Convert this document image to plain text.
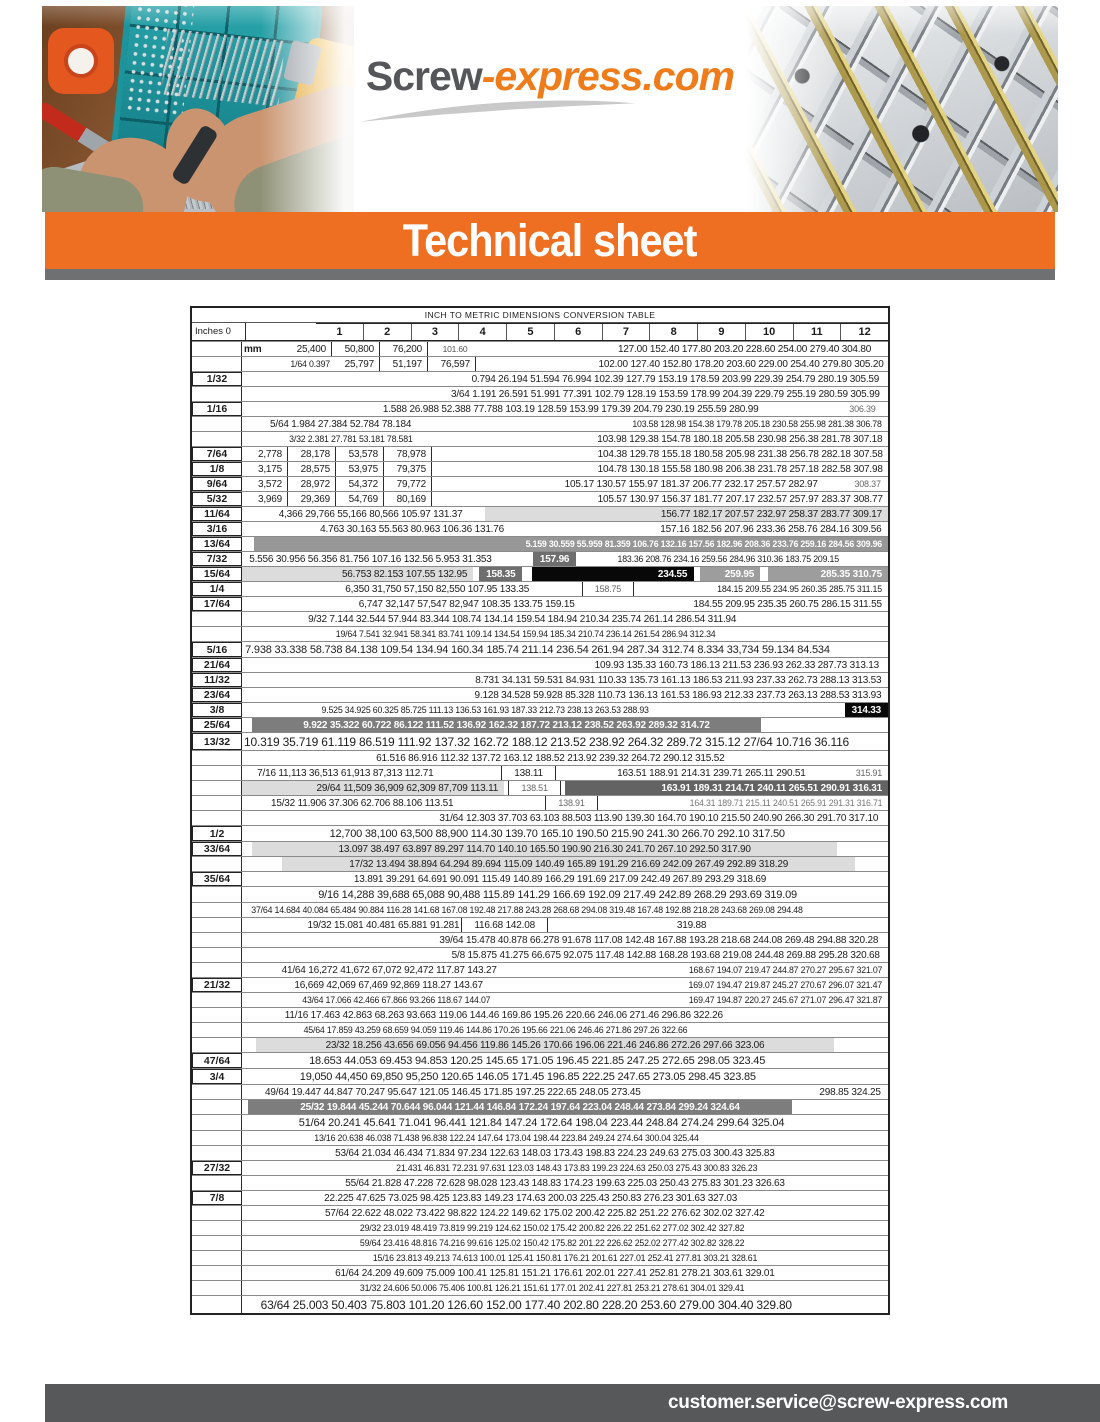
Screw-express.com
Technical sheet
INCH TO METRIC DIMENSIONS CONVERSION TABLE
Inches 0	1	2	3	4	5	6	7	8	9	10	11	12
mm	25,400	50,800	76,200	101.60	127.00 152.40 177.80 203.20 228.60 254.00 279.40 304.80
1/64 0.397	25,797	51,197	76,597	102.00 127.40 152.80 178.20 203.60 229.00 254.40 279.80 305.20
1/32	0.794 26.194 51.594 76.994 102.39 127.79 153.19 178.59 203.99 229.39 254.79 280.19 305.59
3/64 1.191 26.591 51.991 77.391 102.79 128.19 153.59 178.99 204.39 229.79 255.19 280.59 305.99
1/16	1.588 26.988 52.388 77.788 103.19 128.59 153.99 179.39 204.79 230.19 255.59 280.99	306.39
5/64 1.984 27.384 52.784 78.184	103.58 128.98 154.38 179.78 205.18 230.58 255.98 281.38 306.78
3/32 2.381 27.781 53.181 78.581	103.98 129.38 154.78 180.18 205.58 230.98 256.38 281.78 307.18
7/64	2,778	28,178	53,578	78,978	104.38 129.78 155.18 180.58 205.98 231.38 256.78 282.18 307.58
1/8	3,175	28,575	53,975	79,375	104.78 130.18 155.58 180.98 206.38 231.78 257.18 282.58 307.98
9/64	3,572	28,972	54,372	79,772	105.17 130.57 155.97 181.37 206.77 232.17 257.57 282.97	308.37
5/32	3,969	29,369	54,769	80,169	105.57 130.97 156.37 181.77 207.17 232.57 257.97 283.37 308.77
11/64	4,366 29,766 55,166 80,566 105.97 131.37	156.77 182.17 207.57 232.97 258.37 283.77 309.17
3/16	4.763 30.163 55.563 80.963 106.36 131.76	157.16 182.56 207.96 233.36 258.76 284.16 309.56
13/64	5.159 30.559 55.959 81.359 106.76 132.16 157.56 182.96 208.36 233.76 259.16 284.56 309.96
7/32	5.556 30.956 56.356 81.756 107.16 132.56 5.953 31.353	157.96	183.36 208.76 234.16 259.56 284.96 310.36 183.75 209.15
15/64	56.753 82.153 107.55 132.95	158.35	234.55	259.95	285.35 310.75
1/4	6,350 31,750 57,150 82,550 107.95 133.35	158.75	184.15 209.55 234.95 260.35 285.75 311.15
17/64	6,747 32,147 57,547 82,947 108.35 133.75 159.15	184.55 209.95 235.35 260.75 286.15 311.55
9/32 7.144 32.544 57.944 83.344 108.74 134.14 159.54 184.94 210.34 235.74 261.14 286.54 311.94
19/64 7.541 32.941 58.341 83.741 109.14 134.54 159.94 185.34 210.74 236.14 261.54 286.94 312.34
5/16	7.938 33.338 58.738 84.138 109.54 134.94 160.34 185.74 211.14 236.54 261.94 287.34 312.74 8.334 33,734 59.134 84.534
21/64	109.93 135.33 160.73 186.13 211.53 236.93 262.33 287.73 313.13
11/32	8.731 34.131 59.531 84.931 110.33 135.73 161.13 186.53 211.93 237.33 262.73 288.13 313.53
23/64	9.128 34.528 59.928 85.328 110.73 136.13 161.53 186.93 212.33 237.73 263.13 288.53 313.93
3/8	9.525 34.925 60.325 85.725 111.13 136.53 161.93 187.33 212.73 238.13 263.53 288.93	314.33
25/64	9.922 35.322 60.722 86.122 111.52 136.92 162.32 187.72 213.12 238.52 263.92 289.32 314.72
13/32	10.319 35.719 61.119 86.519 111.92 137.32 162.72 188.12 213.52 238.92 264.32 289.72 315.12 27/64 10.716 36.116
61.516 86.916 112.32 137.72 163.12 188.52 213.92 239.32 264.72 290.12 315.52
7/16 11,113 36,513 61,913 87,313 112.71	138.11	163.51 188.91 214.31 239.71 265.11 290.51	315.91
29/64 11,509 36,909 62,309 87,709 113.11	138.51	163.91 189.31 214.71 240.11 265.51 290.91 316.31
15/32 11.906 37.306 62.706 88.106 113.51	138.91	164.31 189.71 215.11 240.51 265.91 291.31 316.71
31/64 12.303 37.703 63.103 88.503 113.90 139.30 164.70 190.10 215.50 240.90 266.30 291.70 317.10
1/2	12,700 38,100 63,500 88,900 114.30 139.70 165.10 190.50 215.90 241.30 266.70 292.10 317.50
33/64	13.097 38.497 63.897 89.297 114.70 140.10 165.50 190.90 216.30 241.70 267.10 292.50 317.90
17/32 13.494 38.894 64.294 89.694 115.09 140.49 165.89 191.29 216.69 242.09 267.49 292.89 318.29
35/64	13.891 39.291 64.691 90.091 115.49 140.89 166.29 191.69 217.09 242.49 267.89 293.29 318.69
9/16 14,288 39,688 65,088 90,488 115.89 141.29 166.69 192.09 217.49 242.89 268.29 293.69 319.09
37/64 14.684 40.084 65.484 90.884 116.28 141.68 167.08 192.48 217.88 243.28 268.68 294.08 319.48 167.48 192.88 218.28 243.68 269.08 294.48
19/32 15.081 40.481 65.881 91.281	116.68 142.08	319.88
39/64 15.478 40.878 66.278 91.678 117.08 142.48 167.88 193.28 218.68 244.08 269.48 294.88 320.28
5/8 15.875 41.275 66.675 92.075 117.48 142.88 168.28 193.68 219.08 244.48 269.88 295.28 320.68
41/64 16,272 41,672 67,072 92,472 117.87 143.27	168.67 194.07 219.47 244.87 270.27 295.67 321.07
21/32	16,669 42,069 67,469 92,869 118.27 143.67	169.07 194.47 219.87 245.27 270.67 296.07 321.47
43/64 17.066 42.466 67.866 93.266 118.67 144.07	169.47 194.87 220.27 245.67 271.07 296.47 321.87
11/16 17.463 42.863 68.263 93.663 119.06 144.46 169.86 195.26 220.66 246.06 271.46 296.86 322.26
45/64 17.859 43.259 68.659 94.059 119.46 144.86 170.26 195.66 221.06 246.46 271.86 297.26 322.66
23/32 18.256 43.656 69.056 94.456 119.86 145.26 170.66 196.06 221.46 246.86 272.26 297.66 323.06
47/64	18.653 44.053 69.453 94.853 120.25 145.65 171.05 196.45 221.85 247.25 272.65 298.05 323.45
3/4	19,050 44,450 69,850 95,250 120.65 146.05 171.45 196.85 222.25 247.65 273.05 298.45 323.85
49/64 19.447 44.847 70.247 95.647 121.05 146.45 171.85 197.25 222.65 248.05 273.45	298.85 324.25
25/32 19.844 45.244 70.644 96.044 121.44 146.84 172.24 197.64 223.04 248.44 273.84 299.24 324.64
51/64 20.241 45.641 71.041 96.441 121.84 147.24 172.64 198.04 223.44 248.84 274.24 299.64 325.04
13/16 20.638 46.038 71.438 96.838 122.24 147.64 173.04 198.44 223.84 249.24 274.64 300.04 325.44
53/64 21.034 46.434 71.834 97.234 122.63 148.03 173.43 198.83 224.23 249.63 275.03 300.43 325.83
27/32	21.431 46.831 72.231 97.631 123.03 148.43 173.83 199.23 224.63 250.03 275.43 300.83 326.23
55/64 21.828 47.228 72.628 98.028 123.43 148.83 174.23 199.63 225.03 250.43 275.83 301.23 326.63
7/8	22.225 47.625 73.025 98.425 123.83 149.23 174.63 200.03 225.43 250.83 276.23 301.63 327.03
57/64 22.622 48.022 73.422 98.822 124.22 149.62 175.02 200.42 225.82 251.22 276.62 302.02 327.42
29/32 23.019 48.419 73.819 99.219 124.62 150.02 175.42 200.82 226.22 251.62 277.02 302.42 327.82
59/64 23.416 48.816 74.216 99.616 125.02 150.42 175.82 201.22 226.62 252.02 277.42 302.82 328.22
15/16 23.813 49.213 74.613 100.01 125.41 150.81 176.21 201.61 227.01 252.41 277.81 303.21 328.61
61/64 24.209 49.609 75.009 100.41 125.81 151.21 176.61 202.01 227.41 252.81 278.21 303.61 329.01
31/32 24.606 50.006 75.406 100.81 126.21 151.61 177.01 202.41 227.81 253.21 278.61 304.01 329.41
63/64 25.003 50.403 75.803 101.20 126.60 152.00 177.40 202.80 228.20 253.60 279.00 304.40 329.80
customer.service@screw-express.com
